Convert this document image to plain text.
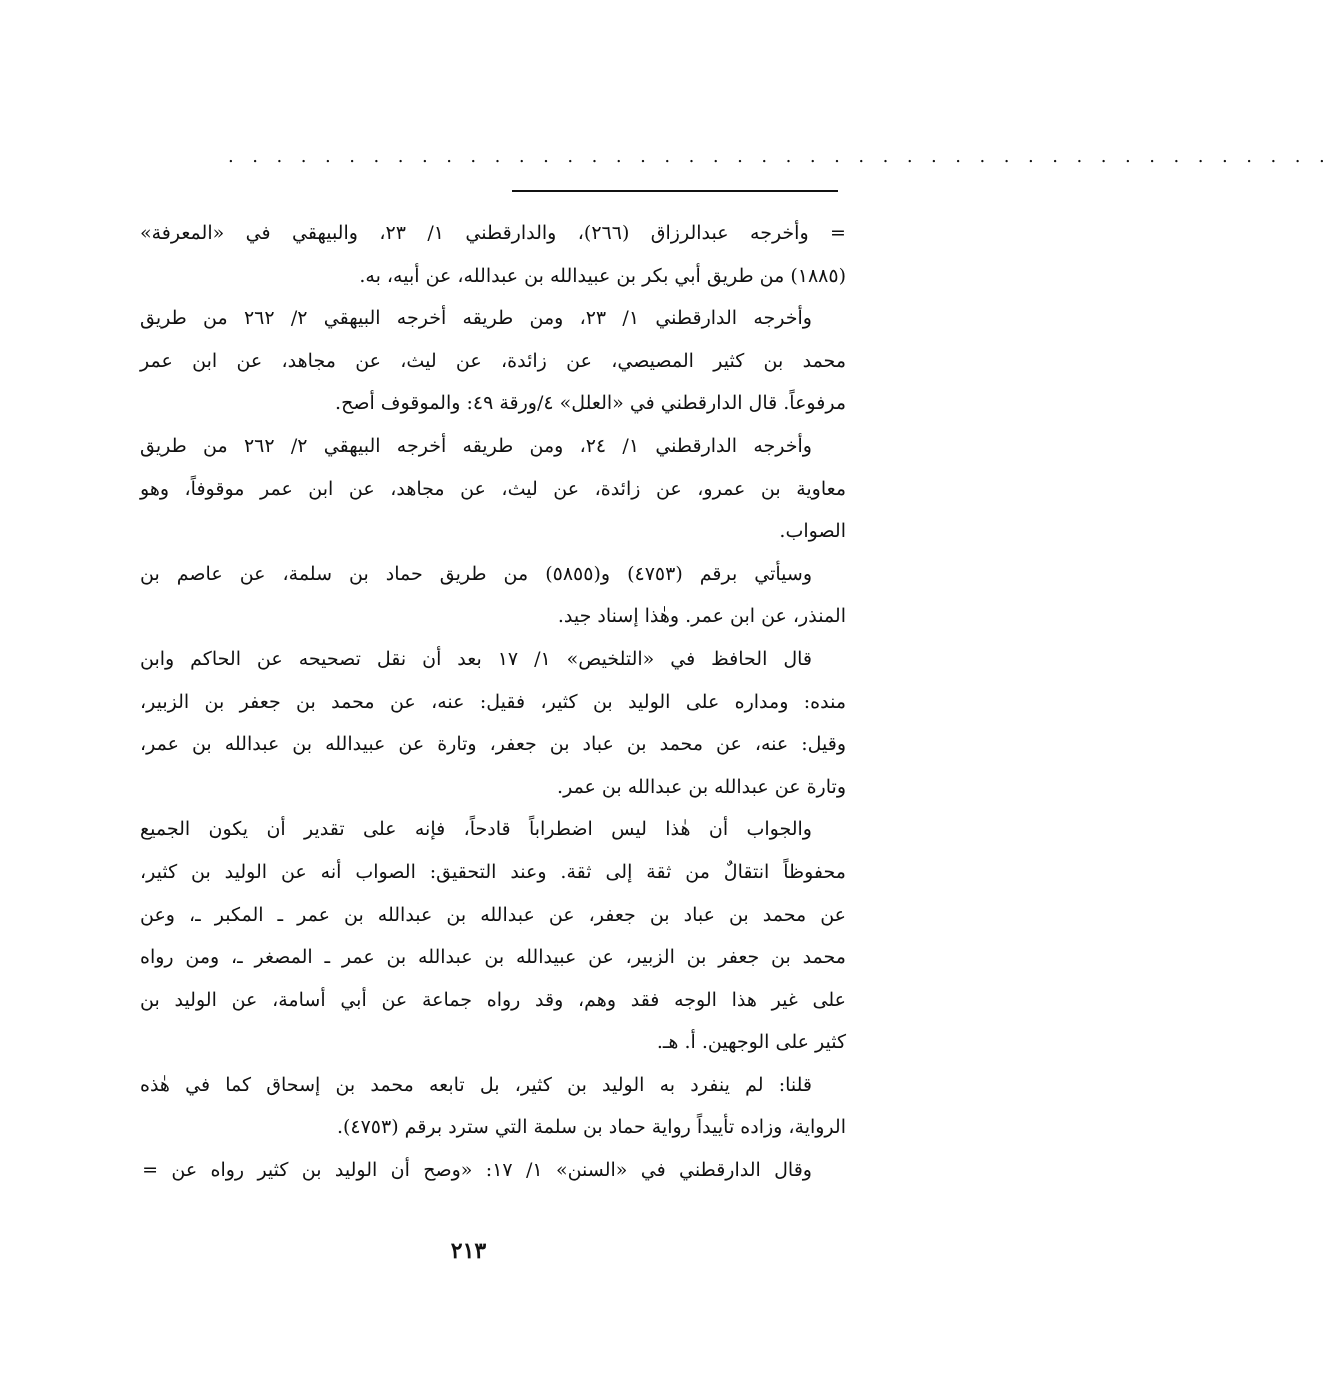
. . . . . . . . . . . . . . . . . . . . . . . . . . . . . . . . . . . . . . . . . . . . . .
= وأخرجه عبدالرزاق (٢٦٦)، والدارقطني ١/ ٢٣، والبيهقي في «المعرفة»
(١٨٨٥) من طريق أبي بكر بن عبيدالله بن عبدالله، عن أبيه، به.
وأخرجه الدارقطني ١/ ٢٣، ومن طريقه أخرجه البيهقي ٢/ ٢٦٢ من طريق
محمد بن كثير المصيصي، عن زائدة، عن ليث، عن مجاهد، عن ابن عمر
مرفوعاً. قال الدارقطني في «العلل» ٤/ورقة ٤٩: والموقوف أصح.
وأخرجه الدارقطني ١/ ٢٤، ومن طريقه أخرجه البيهقي ٢/ ٢٦٢ من طريق
معاوية بن عمرو، عن زائدة، عن ليث، عن مجاهد، عن ابن عمر موقوفاً، وهو
الصواب.
وسيأتي برقم (٤٧٥٣) و(٥٨٥٥) من طريق حماد بن سلمة، عن عاصم بن
المنذر، عن ابن عمر. وهٰذا إسناد جيد.
قال الحافظ في «التلخيص» ١/ ١٧ بعد أن نقل تصحيحه عن الحاكم وابن
منده: ومداره على الوليد بن كثير، فقيل: عنه، عن محمد بن جعفر بن الزبير،
وقيل: عنه، عن محمد بن عباد بن جعفر، وتارة عن عبيدالله بن عبدالله بن عمر،
وتارة عن عبدالله بن عبدالله بن عمر.
والجواب أن هٰذا ليس اضطراباً قادحاً، فإنه على تقدير أن يكون الجميع
محفوظاً انتقالٌ من ثقة إلى ثقة. وعند التحقيق: الصواب أنه عن الوليد بن كثير،
عن محمد بن عباد بن جعفر، عن عبدالله بن عبدالله بن عمر ـ المكبر ـ، وعن
محمد بن جعفر بن الزبير، عن عبيدالله بن عبدالله بن عمر ـ المصغر ـ، ومن رواه
على غير هذا الوجه فقد وهم، وقد رواه جماعة عن أبي أسامة، عن الوليد بن
كثير على الوجهين. أ. هـ.
قلنا: لم ينفرد به الوليد بن كثير، بل تابعه محمد بن إسحاق كما في هٰذه
الرواية، وزاده تأييداً رواية حماد بن سلمة التي سترد برقم (٤٧٥٣).
وقال الدارقطني في «السنن» ١/ ١٧: «وصح أن الوليد بن كثير رواه عن =
٢١٣
